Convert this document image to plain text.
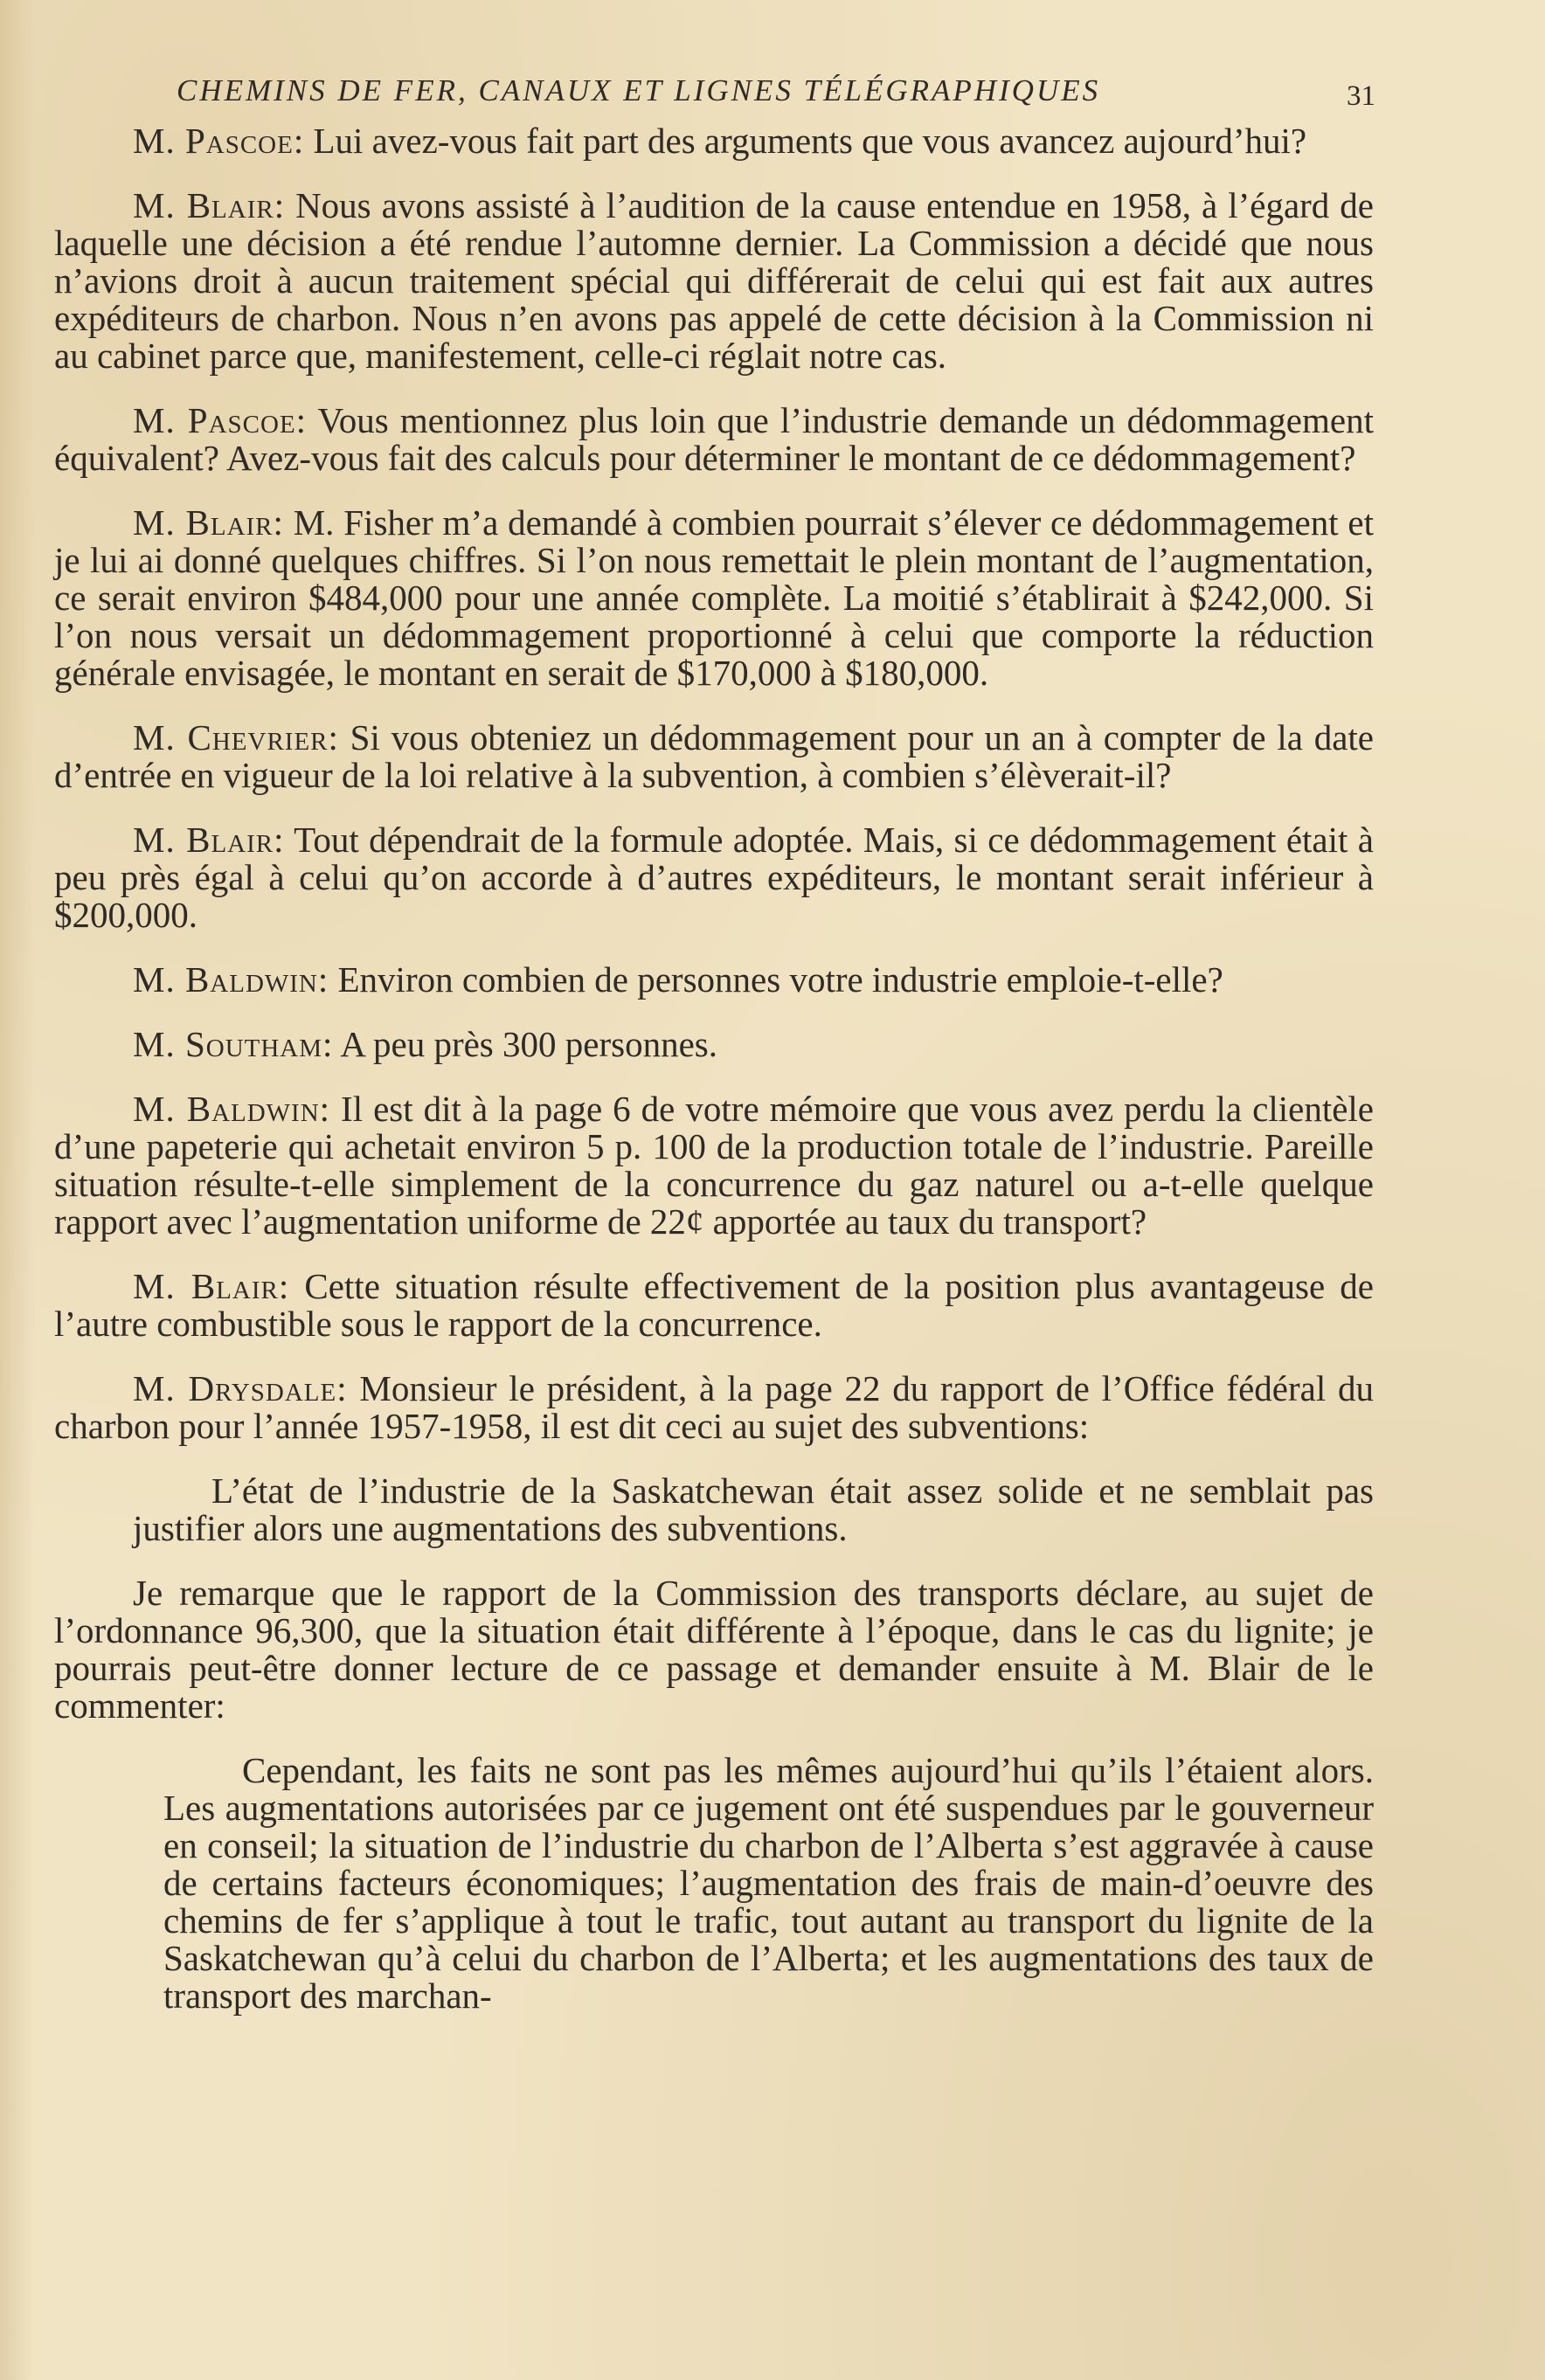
CHEMINS DE FER, CANAUX ET LIGNES TÉLÉGRAPHIQUES	31

M. Pascoe: Lui avez-vous fait part des arguments que vous avancez aujourd’hui?

M. Blair: Nous avons assisté à l’audition de la cause entendue en 1958, à l’égard de laquelle une décision a été rendue l’automne dernier. La Commission a décidé que nous n’avions droit à aucun traitement spécial qui différerait de celui qui est fait aux autres expéditeurs de charbon. Nous n’en avons pas appelé de cette décision à la Commission ni au cabinet parce que, manifestement, celle-ci réglait notre cas.

M. Pascoe: Vous mentionnez plus loin que l’industrie demande un dédommagement équivalent? Avez-vous fait des calculs pour déterminer le montant de ce dédommagement?

M. Blair: M. Fisher m’a demandé à combien pourrait s’élever ce dédommagement et je lui ai donné quelques chiffres. Si l’on nous remettait le plein montant de l’augmentation, ce serait environ $484,000 pour une année complète. La moitié s’établirait à $242,000. Si l’on nous versait un dédommagement proportionné à celui que comporte la réduction générale envisagée, le montant en serait de $170,000 à $180,000.

M. Chevrier: Si vous obteniez un dédommagement pour un an à compter de la date d’entrée en vigueur de la loi relative à la subvention, à combien s’élèverait-il?

M. Blair: Tout dépendrait de la formule adoptée. Mais, si ce dédommagement était à peu près égal à celui qu’on accorde à d’autres expéditeurs, le montant serait inférieur à $200,000.

M. Baldwin: Environ combien de personnes votre industrie emploie-t-elle?

M. Southam: A peu près 300 personnes.

M. Baldwin: Il est dit à la page 6 de votre mémoire que vous avez perdu la clientèle d’une papeterie qui achetait environ 5 p. 100 de la production totale de l’industrie. Pareille situation résulte-t-elle simplement de la concurrence du gaz naturel ou a-t-elle quelque rapport avec l’augmentation uniforme de 22¢ apportée au taux du transport?

M. Blair: Cette situation résulte effectivement de la position plus avantageuse de l’autre combustible sous le rapport de la concurrence.

M. Drysdale: Monsieur le président, à la page 22 du rapport de l’Office fédéral du charbon pour l’année 1957-1958, il est dit ceci au sujet des subventions:

L’état de l’industrie de la Saskatchewan était assez solide et ne semblait pas justifier alors une augmentations des subventions.

Je remarque que le rapport de la Commission des transports déclare, au sujet de l’ordonnance 96,300, que la situation était différente à l’époque, dans le cas du lignite; je pourrais peut-être donner lecture de ce passage et demander ensuite à M. Blair de le commenter:

Cependant, les faits ne sont pas les mêmes aujourd’hui qu’ils l’étaient alors. Les augmentations autorisées par ce jugement ont été suspendues par le gouverneur en conseil; la situation de l’industrie du charbon de l’Alberta s’est aggravée à cause de certains facteurs économiques; l’augmentation des frais de main-d’oeuvre des chemins de fer s’applique à tout le trafic, tout autant au transport du lignite de la Saskatchewan qu’à celui du charbon de l’Alberta; et les augmentations des taux de transport des marchan-
